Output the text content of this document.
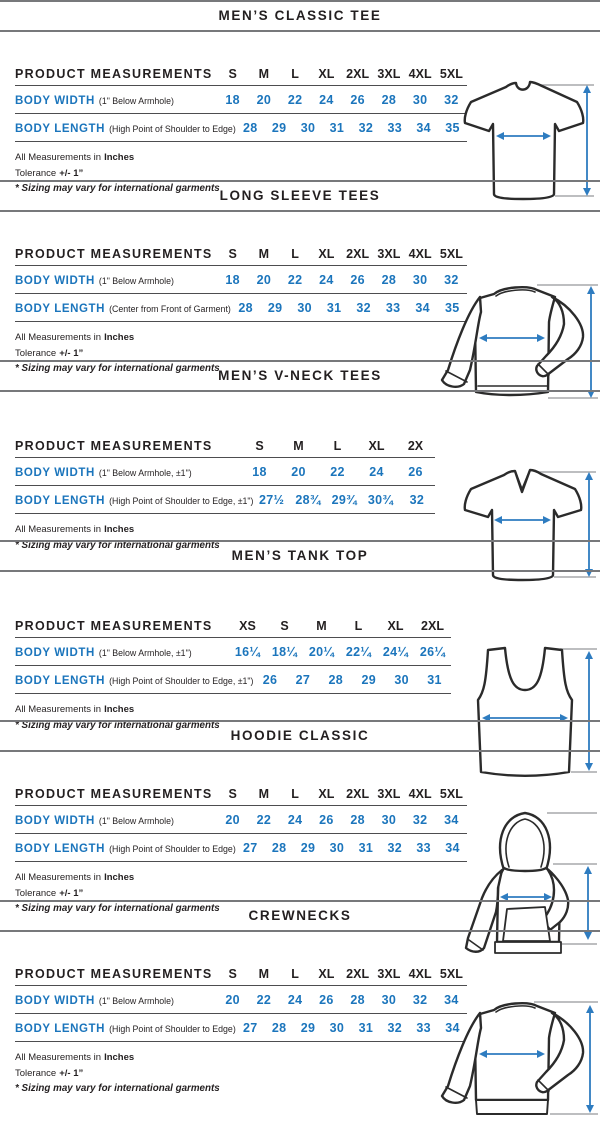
MEN’S CLASSIC TEE
PRODUCT MEASUREMENTS	S	M	L	XL 2XL 3XL 4XL 5XL
BODY WIDTH (1" Below Armhole)	18	20	22	24	26	28	30	32
BODY LENGTH (High Point of Shoulder to Edge) 28	29	30	31	32	33	34	35

All Measurements in Inches

Tolerance +/- 1”

* Sizing may vary for international garments LONG SLEEVE TEES
PRODUCT MEASUREMENTS	S	M	L	XL 2XL 3XL 4XL 5XL
BODY WIDTH (1" Below Armhole)	18	20	22	24	26	28	30	32
BODY LENGTH (Center from Front of Garment) 28	29	30	31	32	33	34	35

All Measurements in Inches

Tolerance +/- 1”

* Sizing may vary for international garments

MEN’S V-NECK TEES
PRODUCT MEASUREMENTS	S	M	L	XL	2X
BODY WIDTH (1" Below Armhole, ±1")	18	20	22	24	26
BODY LENGTH (High Point of Shoulder to Edge, ±1") 27½ 28¾ 29¾ 30¾	32

All Measurements in Inches

* Sizing may vary for international garments

MEN’S TANK TOP
PRODUCT MEASUREMENTS	XS	S	M	L	XL	2XL
BODY WIDTH (1" Below Armhole, ±1")	16¼ 18¼ 20¼ 22¼ 24¼ 26¼
BODY LENGTH (High Point of Shoulder to Edge, ±1") 26	27	28	29	30	31

All Measurements in Inches

* Sizing may vary for international garments

HOODIE CLASSIC
PRODUCT MEASUREMENTS	S	M	L	XL 2XL 3XL 4XL 5XL
BODY WIDTH (1" Below Armhole)	20	22	24	26	28	30	32	34
BODY LENGTH (High Point of Shoulder to Edge) 27	28	29	30	31	32	33	34

All Measurements in Inches

Tolerance +/- 1”

* Sizing may vary for international garments	CREWNECKS
PRODUCT MEASUREMENTS	S	M	L	XL 2XL 3XL 4XL 5XL
BODY WIDTH (1" Below Armhole)	20	22	24	26	28	30	32	34
BODY LENGTH (High Point of Shoulder to Edge) 27	28	29	30	31	32	33	34

All Measurements in Inches

Tolerance +/- 1”

* Sizing may vary for international garments
